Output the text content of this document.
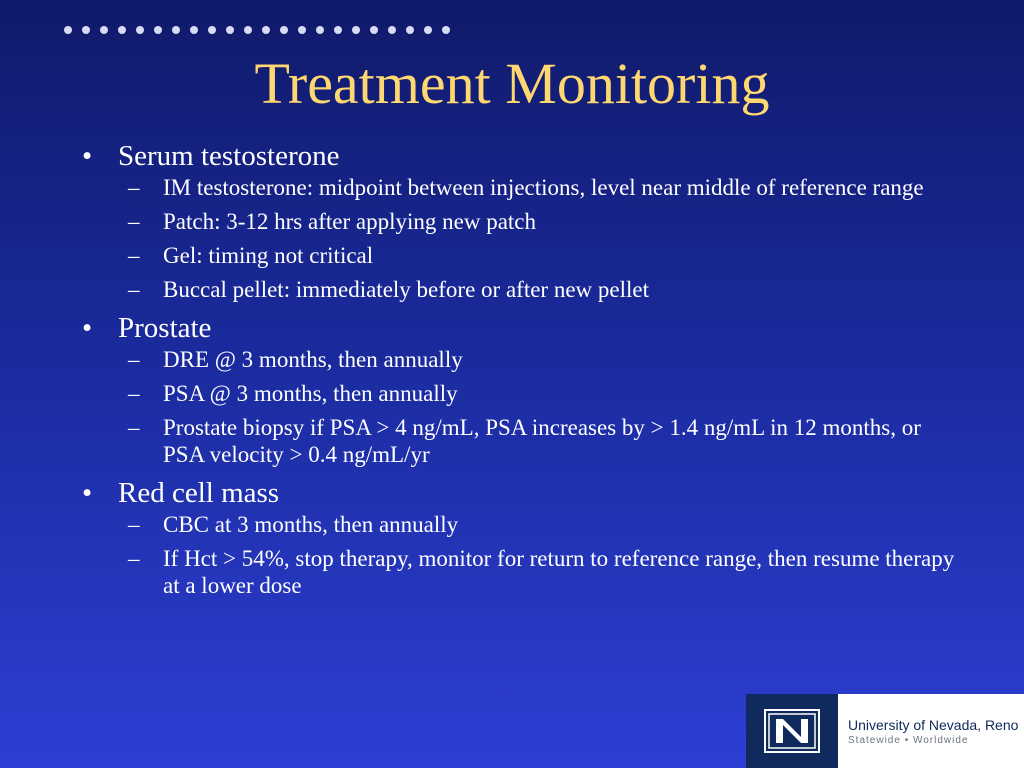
Treatment Monitoring
• Serum testosterone
– IM testosterone: midpoint between injections, level near middle of reference range
– Patch: 3-12 hrs after applying new patch
– Gel: timing not critical
– Buccal pellet: immediately before or after new pellet
• Prostate
– DRE @ 3 months, then annually
– PSA @ 3 months, then annually
– Prostate biopsy if PSA > 4 ng/mL, PSA increases by > 1.4 ng/mL in 12 months, or PSA velocity > 0.4 ng/mL/yr
• Red cell mass
– CBC at 3 months, then annually
– If Hct > 54%, stop therapy, monitor for return to reference range, then resume therapy at a lower dose
University of Nevada, Reno
Statewide • Worldwide
